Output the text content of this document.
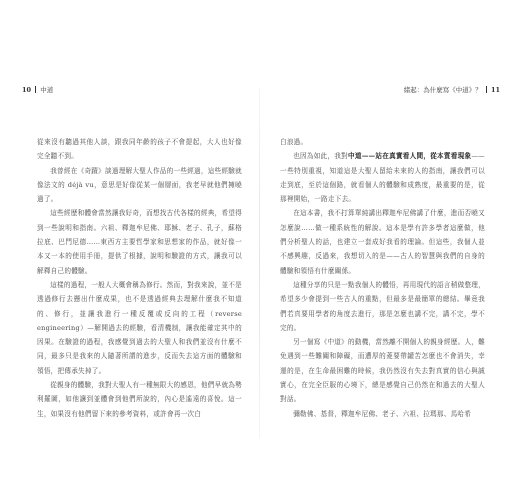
10 中道

從來沒有聽過其他人談，跟我同年齡的孩子不會提起，大人也好像完全聽不到。

我曾經在《奇蹟》談過理解大聖人作品的一些經過，這些經驗就像法文的 déjà vu，意思是好像從某一個層面，我老早就他們擁曉過了。

這些經歷和體會當然讓我好奇，而想找古代各樣的經典，希望得到一些說明和指南。六祖、釋迦牟尼佛、耶穌、老子、孔子，蘇格拉底、巴門尼德……東西方主要哲學家和思想家的作品，就好像一本又一本的使用手冊，提供了根據，說明和驗證的方式，讓我可以解釋自己的體驗。

這樣的過程，一般人大概會稱為修行。然而，對我來說，並不是透過修行去懸出什麼成果，也不是透過經典去理解什麼我不知道的、修行，並讓我進行一種反覆或反向的工程（reverse engineering）—解開過去的經驗，看清機制，讓我能確定其中的因果。在驗證的過程，我感覺到過去的大聖人和我們並沒有什麼不同，最多只是我來的人隨著所謂的進步，反而失去這方面的體驗和領悟，把傳承失掉了。

從親身的體驗，我對大聖人有一種無限大的感恩，他們早就為勢利羅圖，如他讓到並體會到他們所說的，內心是遙遠的喜悅。這一生，如果沒有他們留下來的參考資料，或許會再一次白

緒起：為什麼寫《中道》？ 11

白浪過。

也因為如此，我對中道——站在真實看人間，從本質看現象——一些特別重視，知道這是大聖人留給未來的人的指南，讓我們可以走到底，至於這個路，就看個人的體驗和成熟度，最重要的是，從那裡開始，一路走下去。

在這本書，我不打算單純講出釋迦牟尼佛講了什麼，進而否曉又怎麼說……做一種系統性的解說。這本是學有許多學者這麼做，他們分析聖人的話，也建立一套成好我看的理論。但這些，我個人並不感興趣，反過來，我想切入的是——古人的智慧與我們的自身的體驗和領悟有什麼關係。

這種分享的只是一點我個人的體悟，再用現代的語言稍做整理，希望多少會提到一些古人的重點，但最多是最簡單的總結。畢竟我們若真要用學者的角度去進行，那是怎麼也講不完，講不完，學不完的。

另一個寫《中道》的動機，當然離不開個人的親身經歷。人，難免遇到一些難關和障礙，而遭厚的菱要帶罐苦怎麼也不會消失，幸運的是，在生命最困難的時候，我仍然沒有失去對真實的信心與誠實心，在完全臣服的心境下，總是感覺自己仍然在和過去的大聖人對話。

彌勒佛、基督，釋迦牟尼佛、老子、六祖、拉瑪那、馬哈希
